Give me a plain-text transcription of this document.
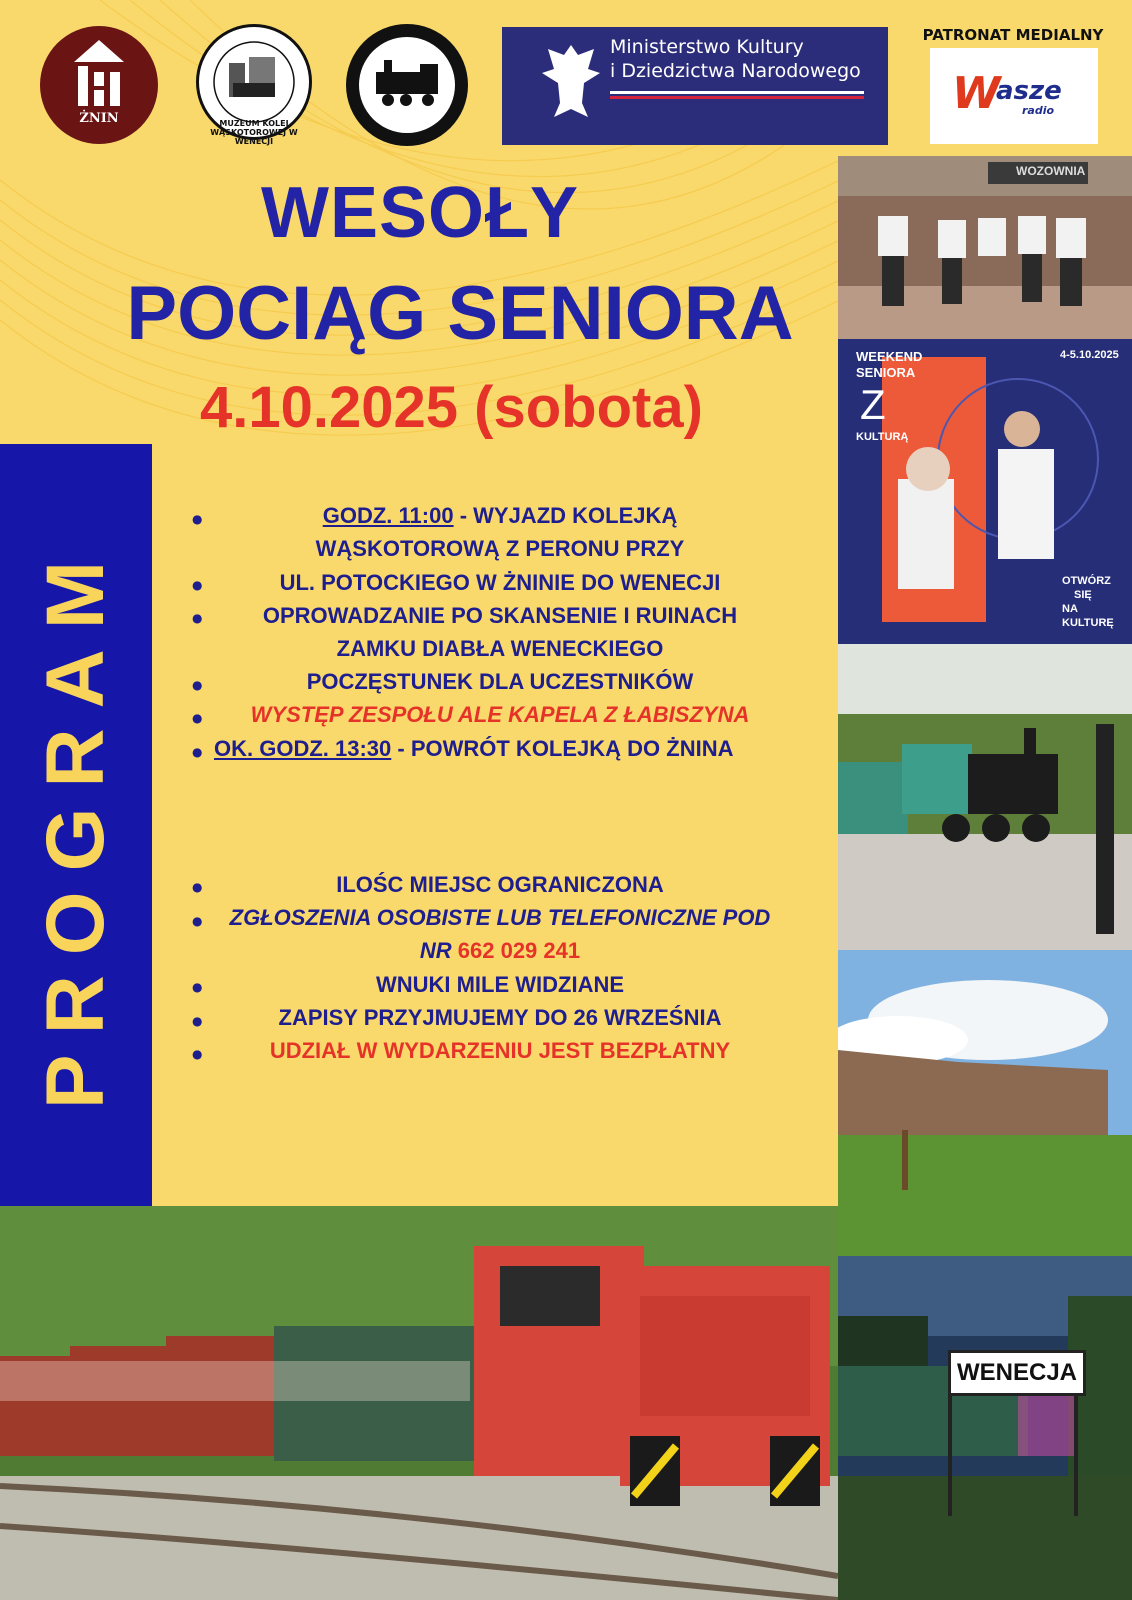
ŻNIN	MUZEUM KOLEI WĄSKOTOROWEJ W WENECJI
1894
Ministerstwo Kultury
i Dziedzictwa Narodowego
PATRONAT MEDIALNY
W
asze
radio
WESOŁY
POCIĄG SENIORA
4.10.2025 (sobota)
PROGRAM
●	GODZ. 11:00 - WYJAZD KOLEJKĄ
WĄSKOTOROWĄ Z PERONU PRZY
●	UL. POTOCKIEGO W ŻNINIE DO WENECJI
●	OPROWADZANIE PO SKANSENIE I RUINACH
ZAMKU DIABŁA WENECKIEGO
●	POCZĘSTUNEK DLA UCZESTNIKÓW
●	WYSTĘP ZESPOŁU ALE KAPELA Z ŁABISZYNA
● OK. GODZ. 13:30 - POWRÓT KOLEJKĄ DO ŻNINA
●	ILOŚC MIEJSC OGRANICZONA
●	ZGŁOSZENIA OSOBISTE LUB TELEFONICZNE POD
NR 662 029 241
●	WNUKI MILE WIDZIANE
●	ZAPISY PRZYJMUJEMY DO 26 WRZEŚNIA
●	UDZIAŁ W WYDARZENIU JEST BEZPŁATNY
WOZOWNIA
WEEKEND
SENIORA
Z
KULTURĄ
4-5.10.2025
OTWÓRZ
SIĘ
NA
KULTURĘ
WENECJA
